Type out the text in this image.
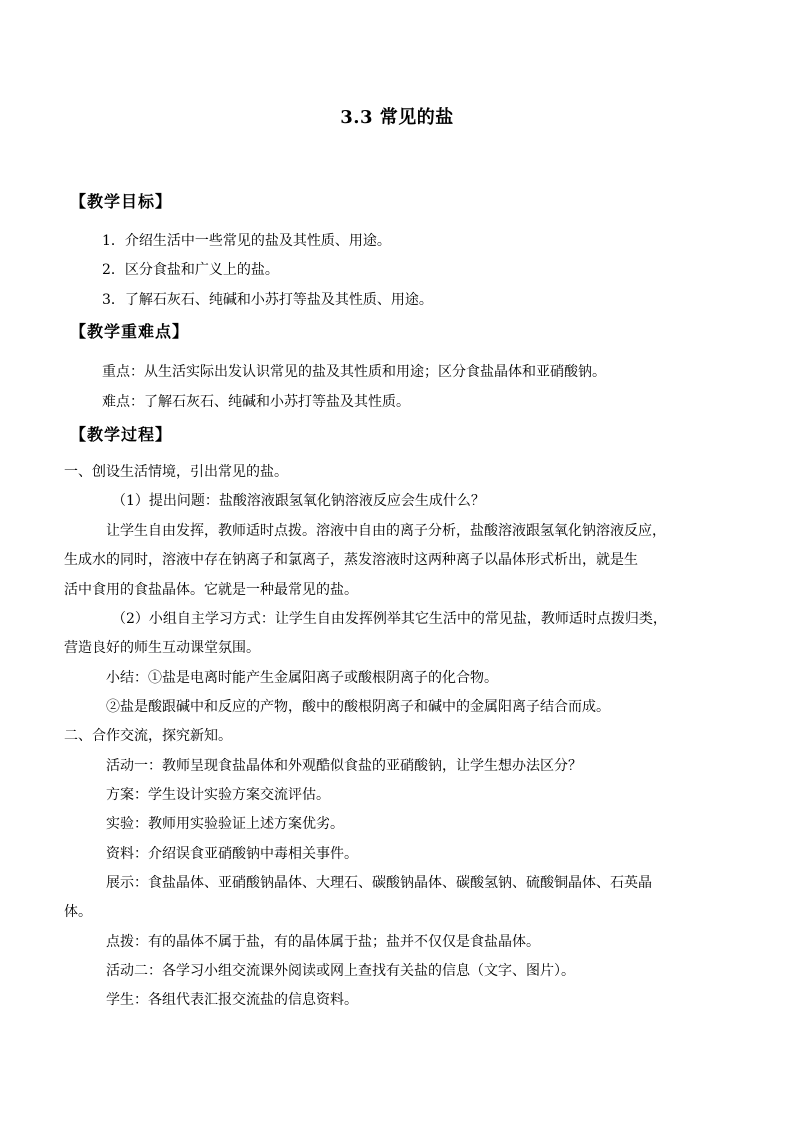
3.3 常见的盐
【教学目标】
1．介绍生活中一些常见的盐及其性质、用途。
2．区分食盐和广义上的盐。
3．了解石灰石、纯碱和小苏打等盐及其性质、用途。
【教学重难点】
重点：从生活实际出发认识常见的盐及其性质和用途；区分食盐晶体和亚硝酸钠。
难点：了解石灰石、纯碱和小苏打等盐及其性质。
【教学过程】
一、创设生活情境，引出常见的盐。
（1）提出问题：盐酸溶液跟氢氧化钠溶液反应会生成什么？
让学生自由发挥，教师适时点拨。溶液中自由的离子分析，盐酸溶液跟氢氧化钠溶液反应，
生成水的同时，溶液中存在钠离子和氯离子，蒸发溶液时这两种离子以晶体形式析出，就是生
活中食用的食盐晶体。它就是一种最常见的盐。
（2）小组自主学习方式：让学生自由发挥例举其它生活中的常见盐，教师适时点拨归类，
营造良好的师生互动课堂氛围。
小结：①盐是电离时能产生金属阳离子或酸根阴离子的化合物。
②盐是酸跟碱中和反应的产物，酸中的酸根阴离子和碱中的金属阳离子结合而成。
二、合作交流，探究新知。
活动一：教师呈现食盐晶体和外观酷似食盐的亚硝酸钠，让学生想办法区分？
方案：学生设计实验方案交流评估。
实验：教师用实验验证上述方案优劣。
资料：介绍误食亚硝酸钠中毒相关事件。
展示：食盐晶体、亚硝酸钠晶体、大理石、碳酸钠晶体、碳酸氢钠、硫酸铜晶体、石英晶
体。
点拨：有的晶体不属于盐，有的晶体属于盐；盐并不仅仅是食盐晶体。
活动二：各学习小组交流课外阅读或网上查找有关盐的信息（文字、图片）。
学生：各组代表汇报交流盐的信息资料。
